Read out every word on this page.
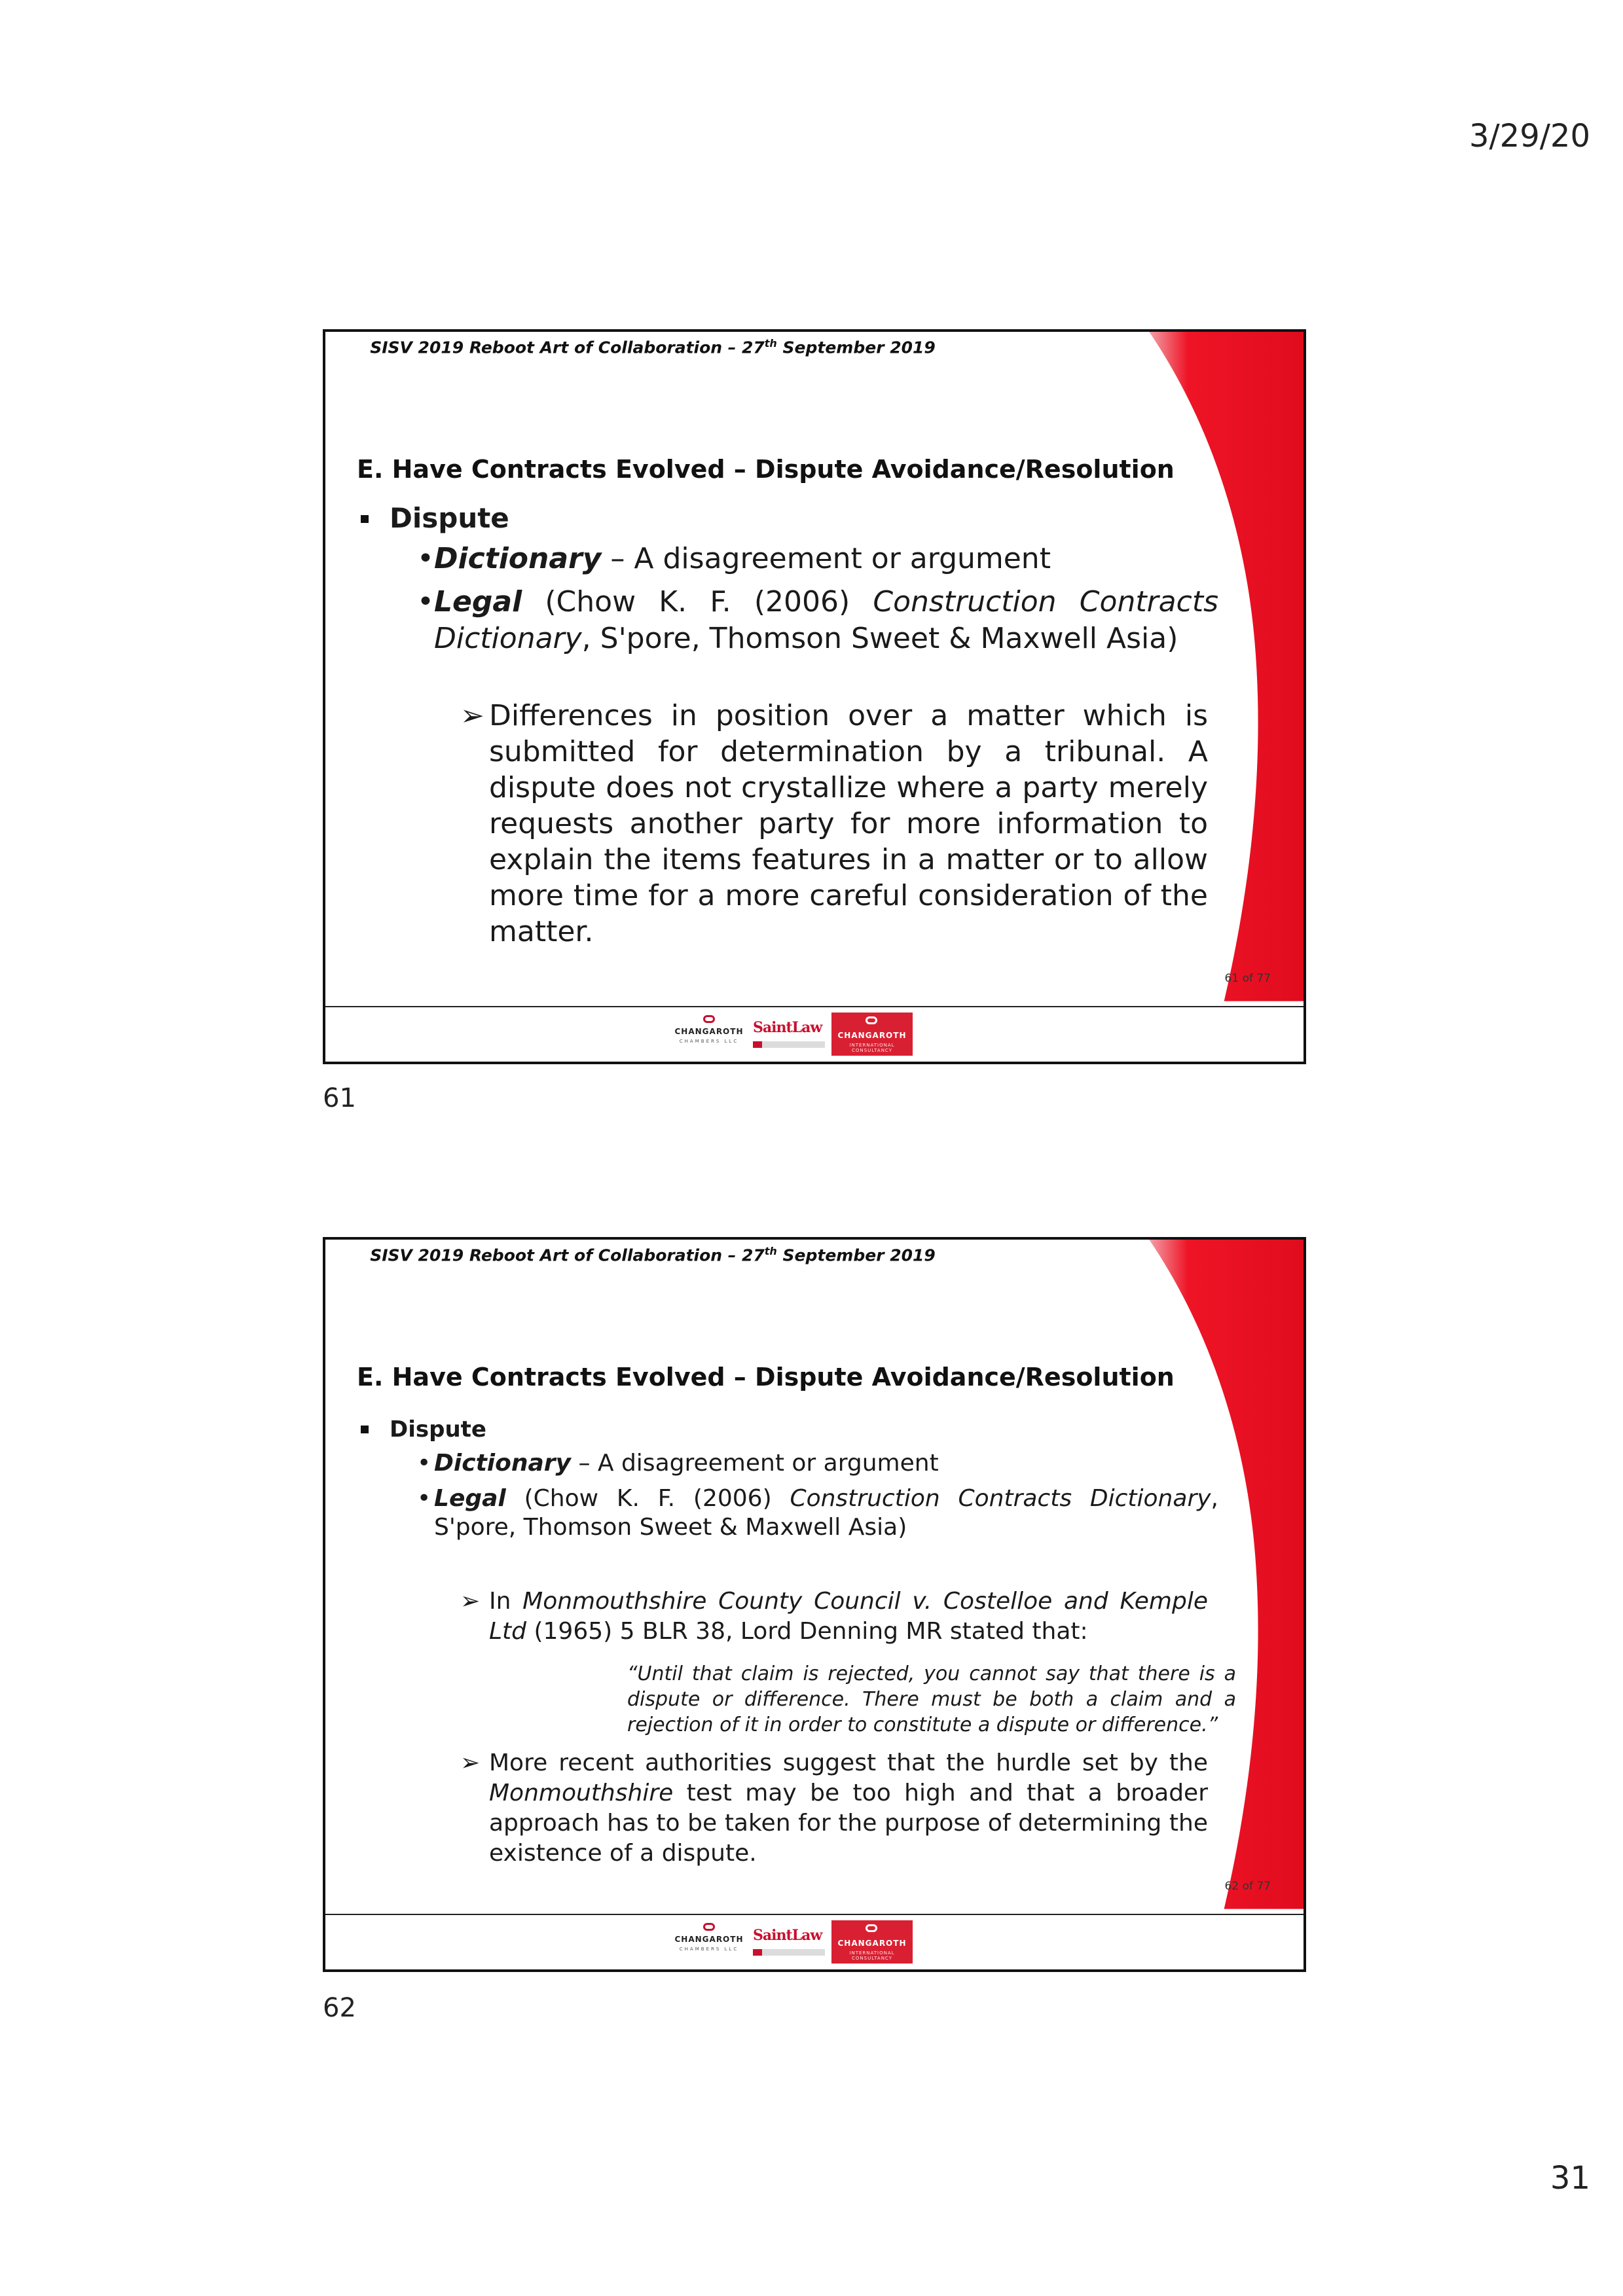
3/29/20
SISV 2019 Reboot Art of Collaboration – 27th September 2019

E. Have Contracts Evolved – Dispute Avoidance/Resolution

Dispute
• Dictionary – A disagreement or argument
• Legal (Chow K. F. (2006) Construction Contracts Dictionary, S'pore, Thomson Sweet & Maxwell Asia)
➢ Differences in position over a matter which is submitted for determination by a tribunal. A dispute does not crystallize where a party merely requests another party for more information to explain the items features in a matter or to allow more time for a more careful consideration of the matter.
61 of 77
CHANGAROTH
CHAMBERS LLC
SaintLaw	CHANGAROTH
INTERNATIONAL CONSULTANCY
61
SISV 2019 Reboot Art of Collaboration – 27th September 2019

E. Have Contracts Evolved – Dispute Avoidance/Resolution

Dispute
• Dictionary – A disagreement or argument
• Legal (Chow K. F. (2006) Construction Contracts Dictionary, S'pore, Thomson Sweet & Maxwell Asia)
➢ In Monmouthshire County Council v. Costelloe and Kemple Ltd (1965) 5 BLR 38, Lord Denning MR stated that:
“Until that claim is rejected, you cannot say that there is a dispute or difference. There must be both a claim and a rejection of it in order to constitute a dispute or difference.”
➢ More recent authorities suggest that the hurdle set by the Monmouthshire test may be too high and that a broader approach has to be taken for the purpose of determining the existence of a dispute.
62 of 77
CHANGAROTH
CHAMBERS LLC
SaintLaw	CHANGAROTH
INTERNATIONAL CONSULTANCY
62
31
